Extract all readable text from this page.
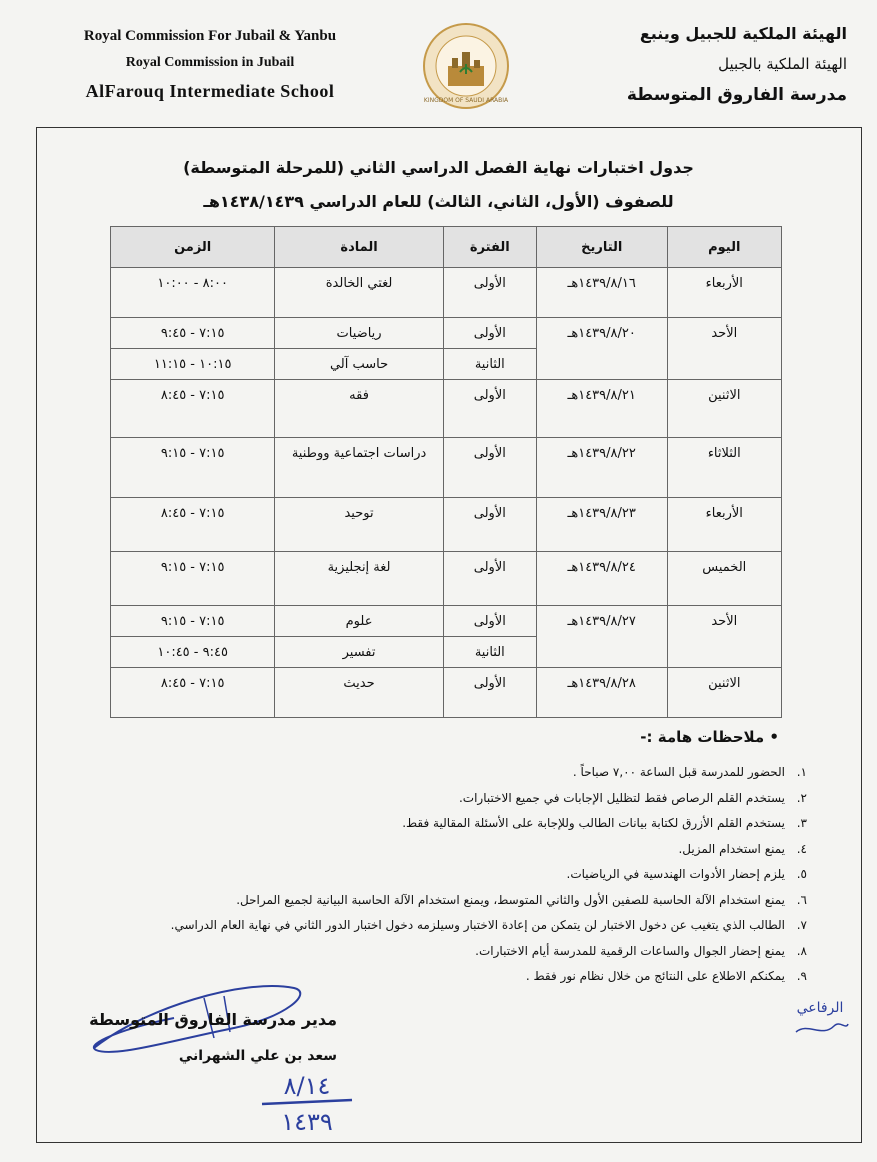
Royal Commission For Jubail & Yanbu
Royal Commission in Jubail
AlFarouq Intermediate School	KINGDOM OF SAUDI ARABIA
الهيئة الملكية للجبيل وينبع
الهيئة الملكية بالجبيل
مدرسة الفاروق المتوسطة
جدول اختبارات نهاية الفصل الدراسي الثاني (للمرحلة المتوسطة)
للصفوف (الأول، الثاني، الثالث) للعام الدراسي ١٤٣٨/١٤٣٩هـ
اليوم	التاريخ	الفترة	المادة	الزمن
الأربعاء	١٤٣٩/٨/١٦هـ	الأولى	لغتي الخالدة	٨:٠٠ - ١٠:٠٠
الأحد	١٤٣٩/٨/٢٠هـ	الأولى	رياضيات	٧:١٥ - ٩:٤٥
		الثانية	حاسب آلي	١٠:١٥ - ١١:١٥
الاثنين	١٤٣٩/٨/٢١هـ	الأولى	فقه	٧:١٥ - ٨:٤٥
الثلاثاء	١٤٣٩/٨/٢٢هـ	الأولى	دراسات اجتماعية ووطنية	٧:١٥ - ٩:١٥
الأربعاء	١٤٣٩/٨/٢٣هـ	الأولى	توحيد	٧:١٥ - ٨:٤٥
الخميس	١٤٣٩/٨/٢٤هـ	الأولى	لغة إنجليزية	٧:١٥ - ٩:١٥
الأحد	١٤٣٩/٨/٢٧هـ	الأولى	علوم	٧:١٥ - ٩:١٥
		الثانية	تفسير	٩:٤٥ - ١٠:٤٥
الاثنين	١٤٣٩/٨/٢٨هـ	الأولى	حديث	٧:١٥ - ٨:٤٥
• ملاحظات هامة :-
١.الحضور للمدرسة قبل الساعة ٧,٠٠ صباحاً .
٢.يستخدم القلم الرصاص فقط لتظليل الإجابات في جميع الاختبارات.
٣.يستخدم القلم الأزرق لكتابة بيانات الطالب وللإجابة على الأسئلة المقالية فقط.
٤.يمنع استخدام المزيل.
٥.يلزم إحضار الأدوات الهندسية في الرياضيات.
٦.يمنع استخدام الآلة الحاسبة للصفين الأول والثاني المتوسط، ويمنع استخدام الآلة الحاسبة البيانية لجميع المراحل.
٧.الطالب الذي يتغيب عن دخول الاختبار لن يتمكن من إعادة الاختبار وسيلزمه دخول اختبار الدور الثاني في نهاية العام الدراسي.
٨.يمنع إحضار الجوال والساعات الرقمية للمدرسة أيام الاختبارات.
٩.يمكنكم الاطلاع على النتائج من خلال نظام نور فقط .
مدير مدرسة الفاروق المتوسطة
سعد بن علي الشهراني
٨/١٤
١٤٣٩
الرفاعي
